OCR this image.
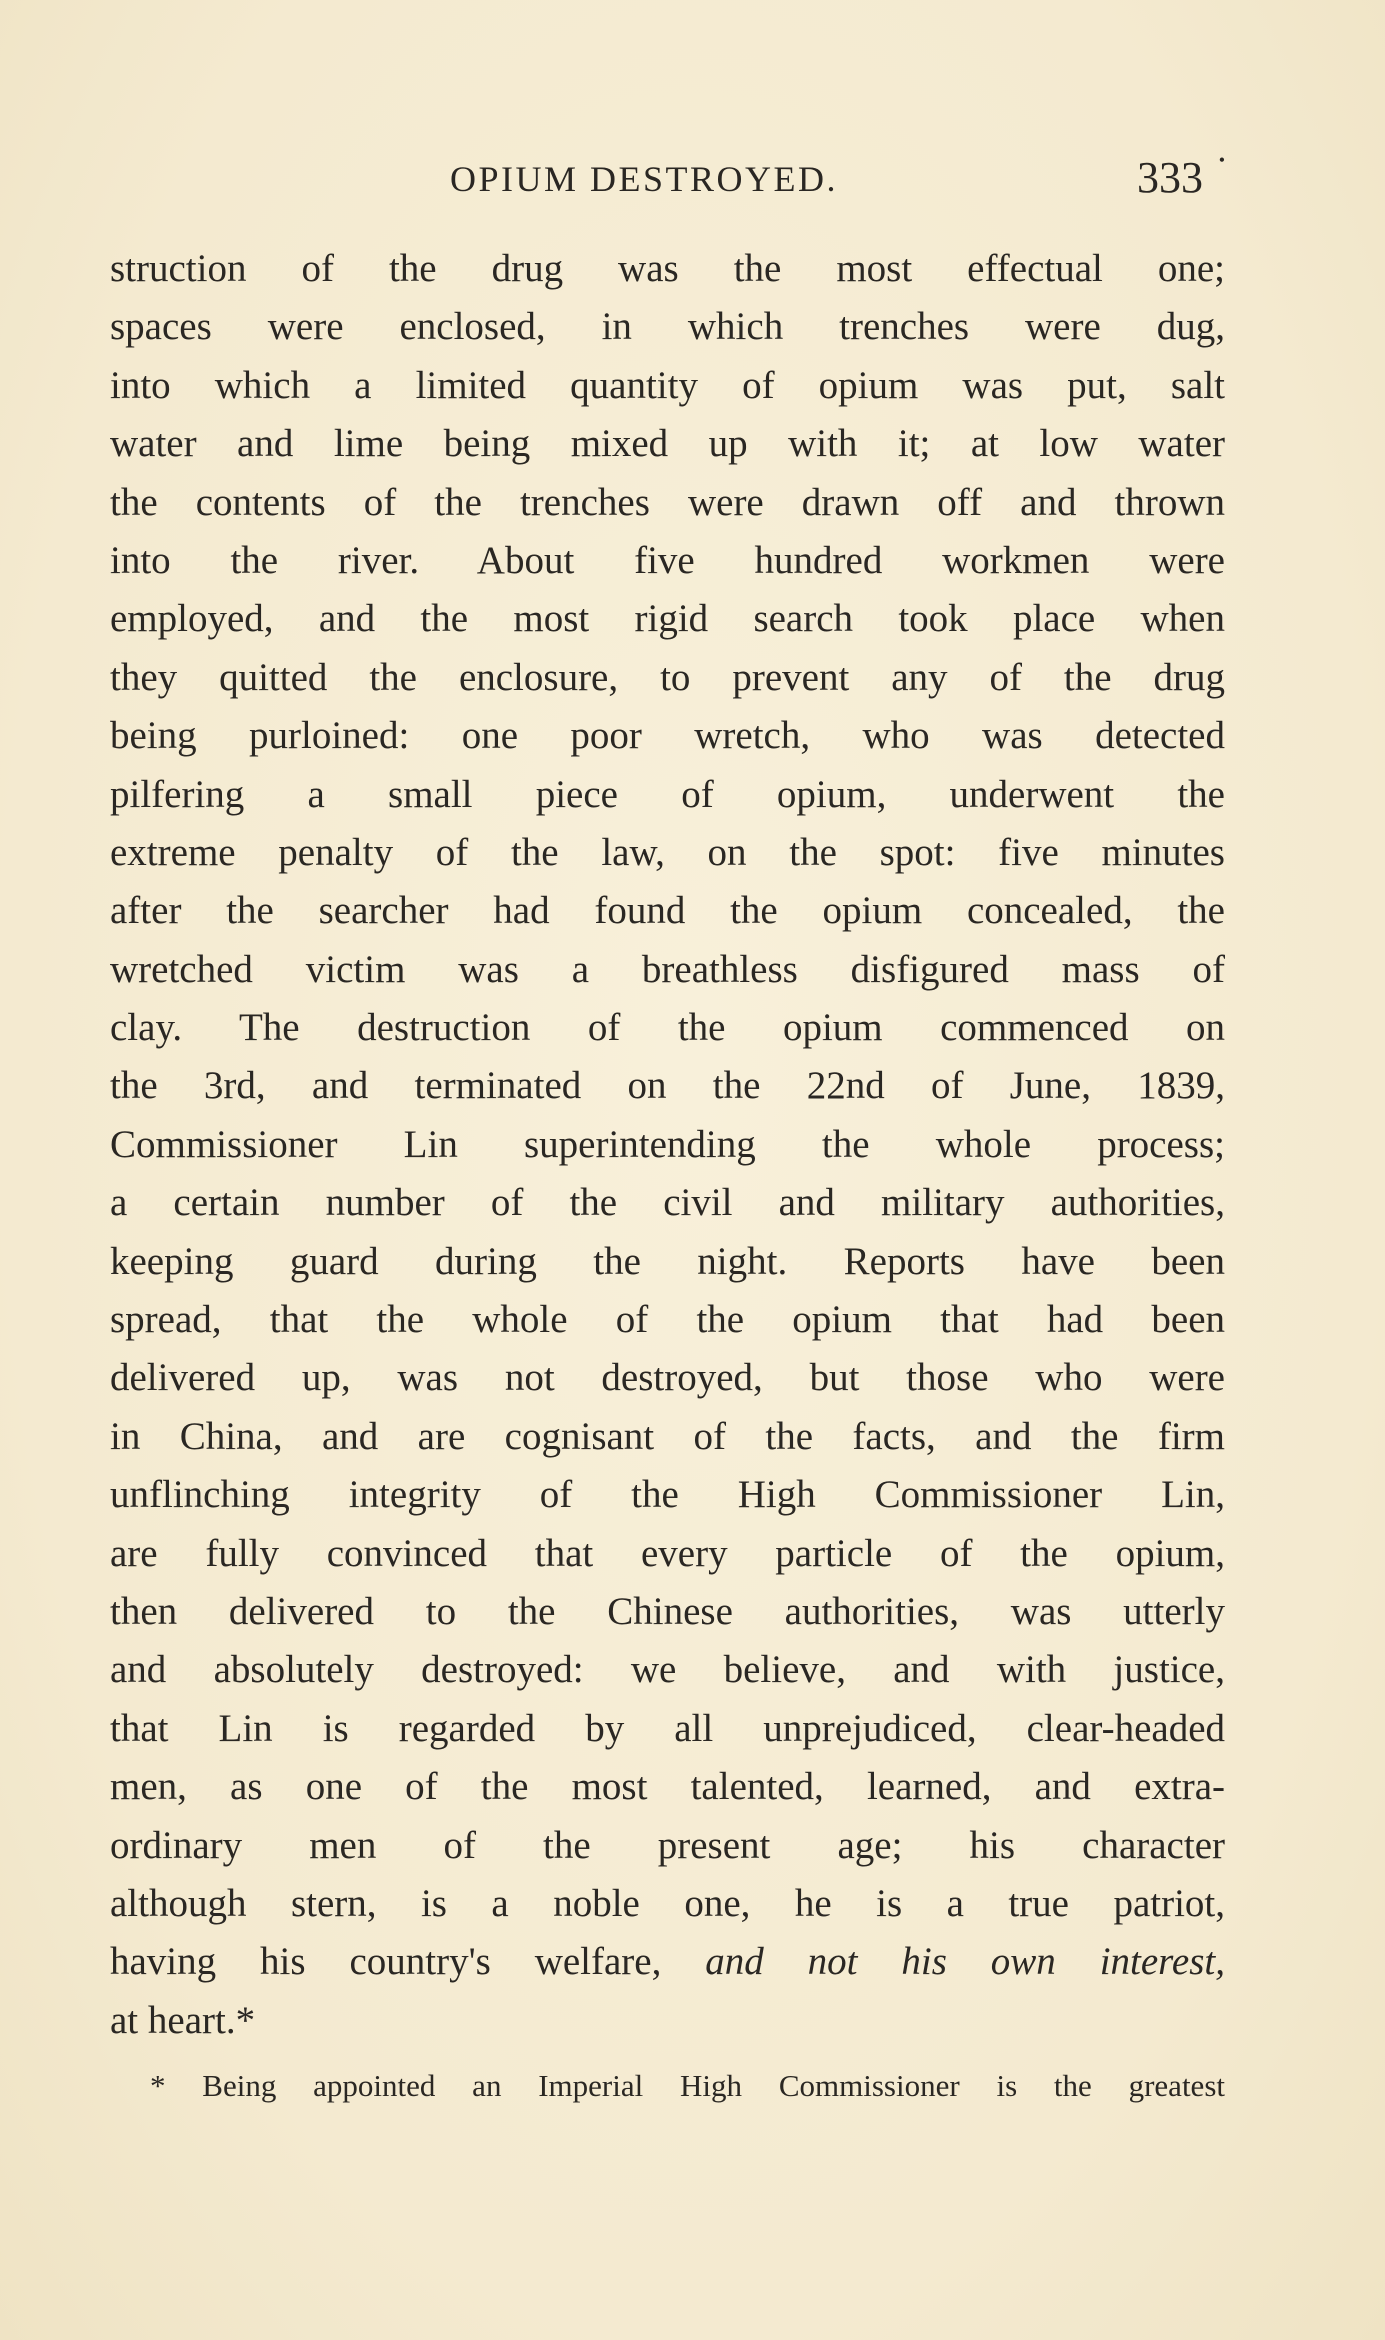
OPIUM DESTROYED.	333 •
struction of the drug was the most effectual one;
spaces were enclosed, in which trenches were dug,
into which a limited quantity of opium was put, salt
water and lime being mixed up with it; at low water
the contents of the trenches were drawn off and thrown
into the river. About five hundred workmen were
employed, and the most rigid search took place when
they quitted the enclosure, to prevent any of the drug
being purloined: one poor wretch, who was detected
pilfering a small piece of opium, underwent the
extreme penalty of the law, on the spot: five minutes
after the searcher had found the opium concealed, the
wretched victim was a breathless disfigured mass of
clay. The destruction of the opium commenced on
the 3rd, and terminated on the 22nd of June, 1839,
Commissioner Lin superintending the whole process;
a certain number of the civil and military authorities,
keeping guard during the night. Reports have been
spread, that the whole of the opium that had been
delivered up, was not destroyed, but those who were
in China, and are cognisant of the facts, and the firm
unflinching integrity of the High Commissioner Lin,
are fully convinced that every particle of the opium,
then delivered to the Chinese authorities, was utterly
and absolutely destroyed: we believe, and with justice,
that Lin is regarded by all unprejudiced, clear-headed
men, as one of the most talented, learned, and extra-
ordinary men of the present age; his character
although stern, is a noble one, he is a true patriot,
having his country's welfare, and not his own interest,
at heart.*
* Being appointed an Imperial High Commissioner is the greatest
